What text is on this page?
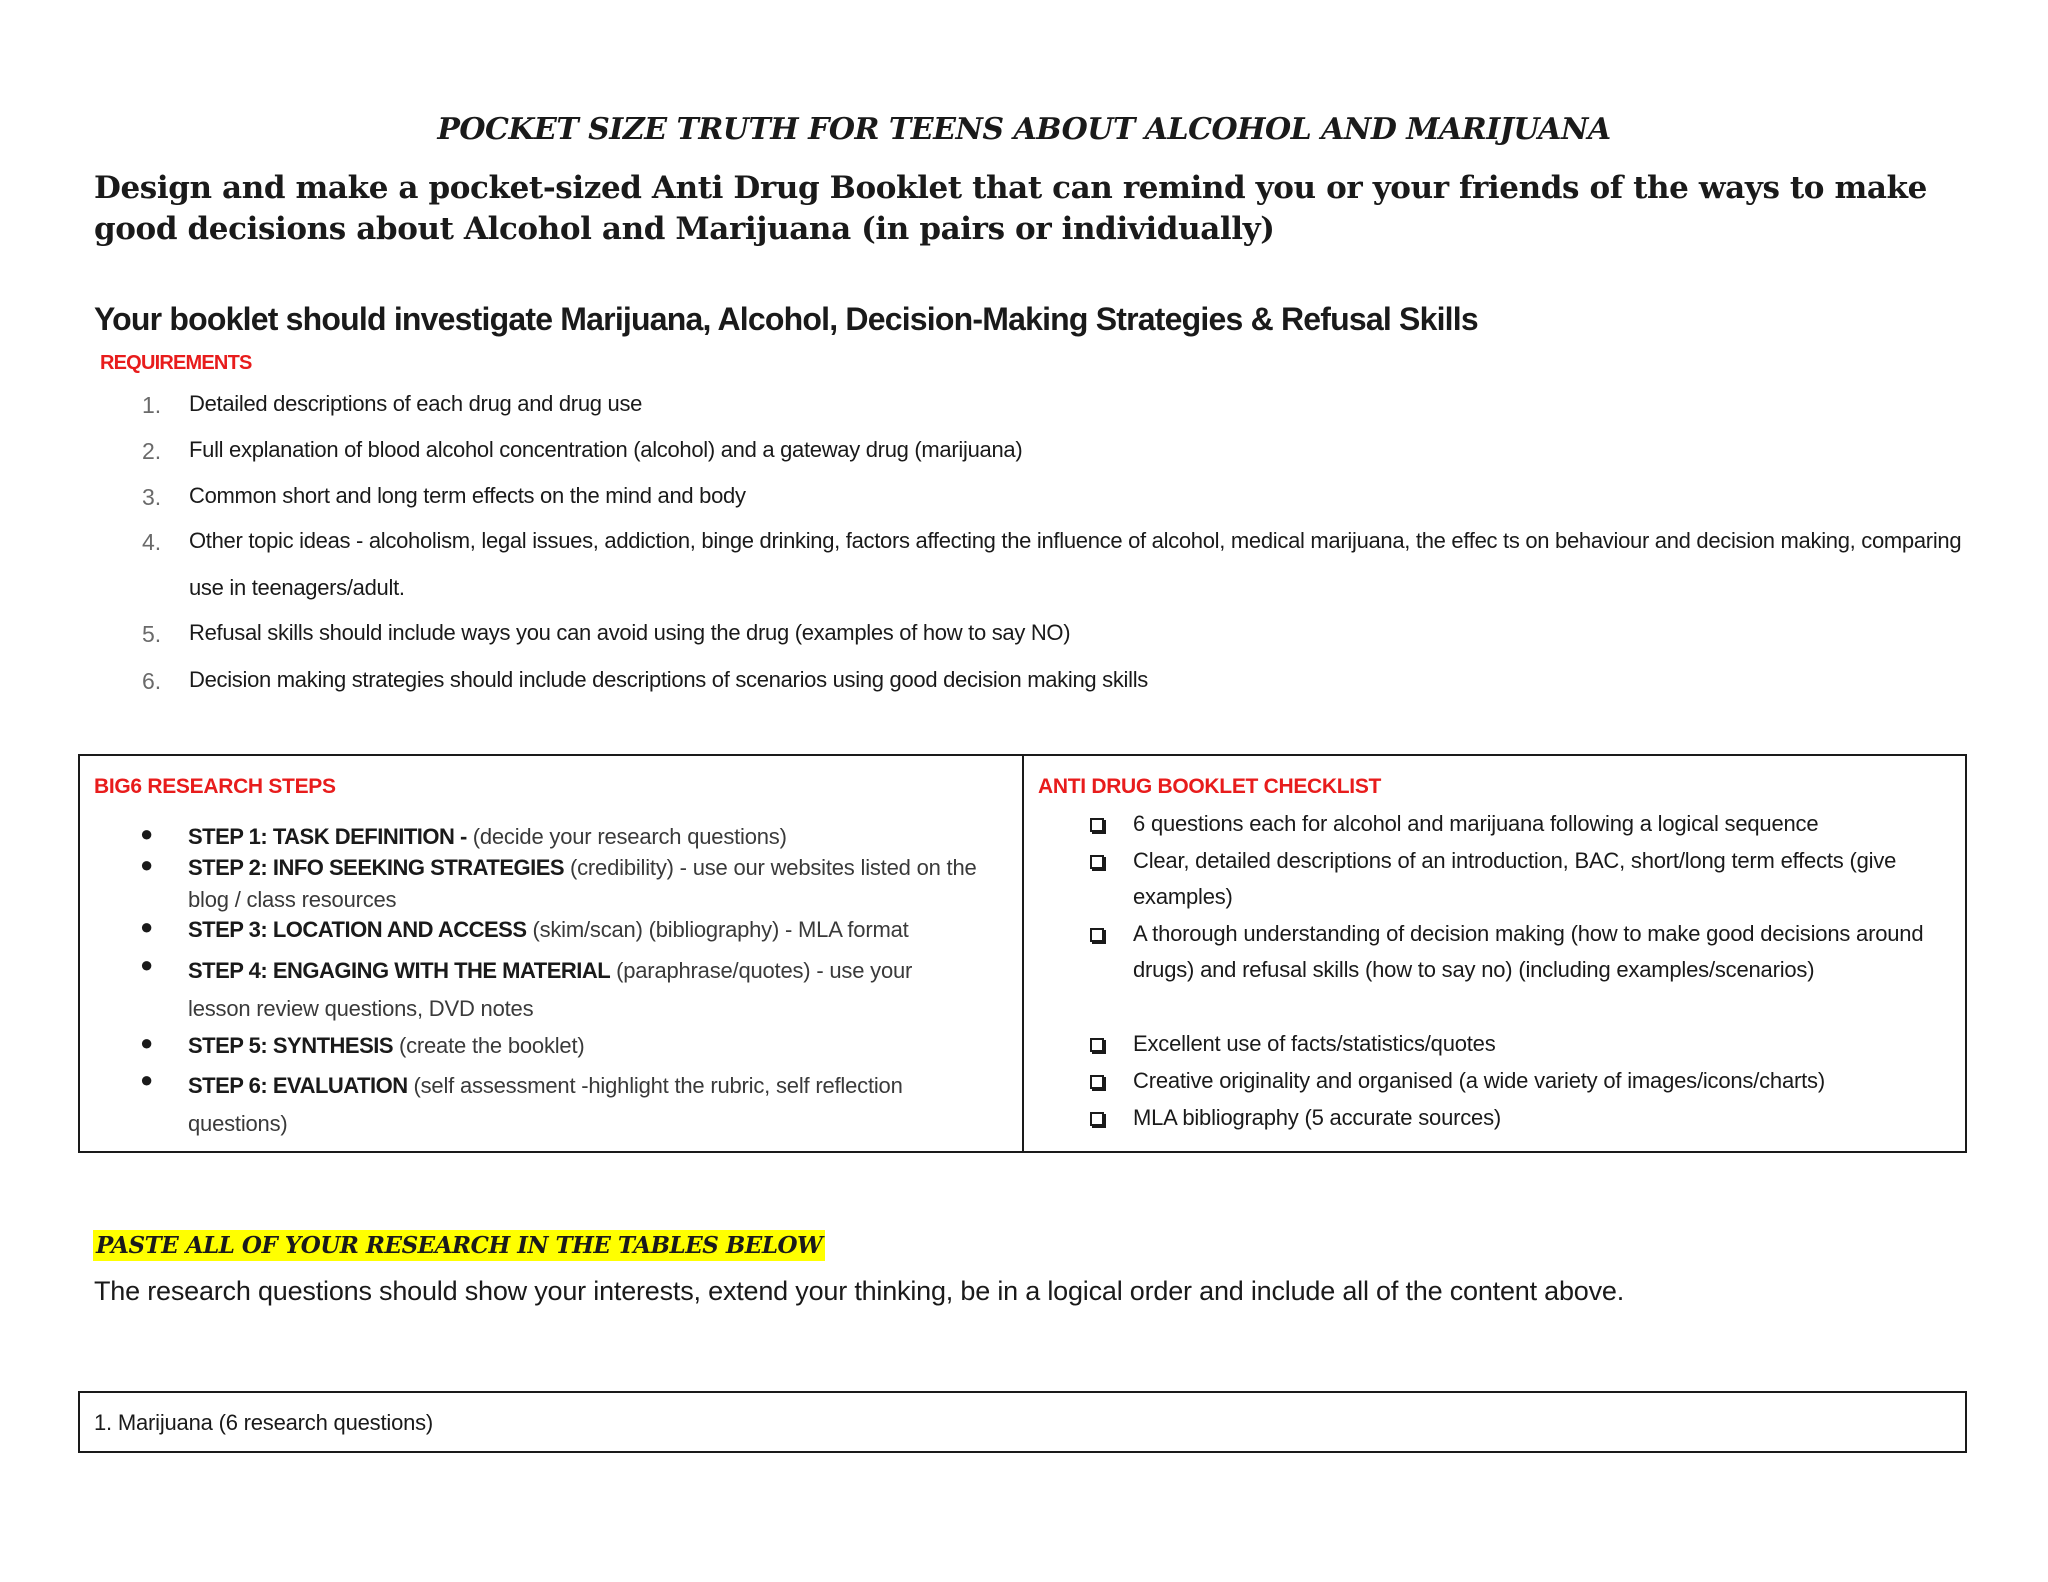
POCKET SIZE TRUTH FOR TEENS ABOUT ALCOHOL AND MARIJUANA

Design and make a pocket-sized Anti Drug Booklet that can remind you or your friends of the ways to make good decisions about Alcohol and Marijuana (in pairs or individually)

Your booklet should investigate Marijuana, Alcohol, Decision-Making Strategies & Refusal Skills
REQUIREMENTS
1.	Detailed descriptions of each drug and drug use
2.	Full explanation of blood alcohol concentration (alcohol) and a gateway drug (marijuana)
3.	Common short and long term effects on the mind and body
4.	Other topic ideas - alcoholism, legal issues, addiction, binge drinking, factors affecting the influence of alcohol, medical marijuana, the effec ts on behaviour and decision making, comparing use in teenagers/adult.
5.	Refusal skills should include ways you can avoid using the drug (examples of how to say NO)
6.	Decision making strategies should include descriptions of scenarios using good decision making skills
BIG6 RESEARCH STEPS
● STEP 1: TASK DEFINITION - (decide your research questions)
● STEP 2: INFO SEEKING STRATEGIES (credibility) - use our websites listed on the blog / class resources
● STEP 3: LOCATION AND ACCESS (skim/scan) (bibliography) - MLA format
● STEP 4: ENGAGING WITH THE MATERIAL (paraphrase/quotes) - use your lesson review questions, DVD notes
● STEP 5: SYNTHESIS (create the booklet)
● STEP 6: EVALUATION (self assessment -highlight the rubric, self reflection questions)
ANTI DRUG BOOKLET CHECKLIST
6 questions each for alcohol and marijuana following a logical sequence
Clear, detailed descriptions of an introduction, BAC, short/long term effects (give examples)
A thorough understanding of decision making (how to make good decisions around drugs) and refusal skills (how to say no) (including examples/scenarios)
Excellent use of facts/statistics/quotes
Creative originality and organised (a wide variety of images/icons/charts)
MLA bibliography (5 accurate sources)
PASTE ALL OF YOUR RESEARCH IN THE TABLES BELOW
The research questions should show your interests, extend your thinking, be in a logical order and include all of the content above.
1. Marijuana (6 research questions)
